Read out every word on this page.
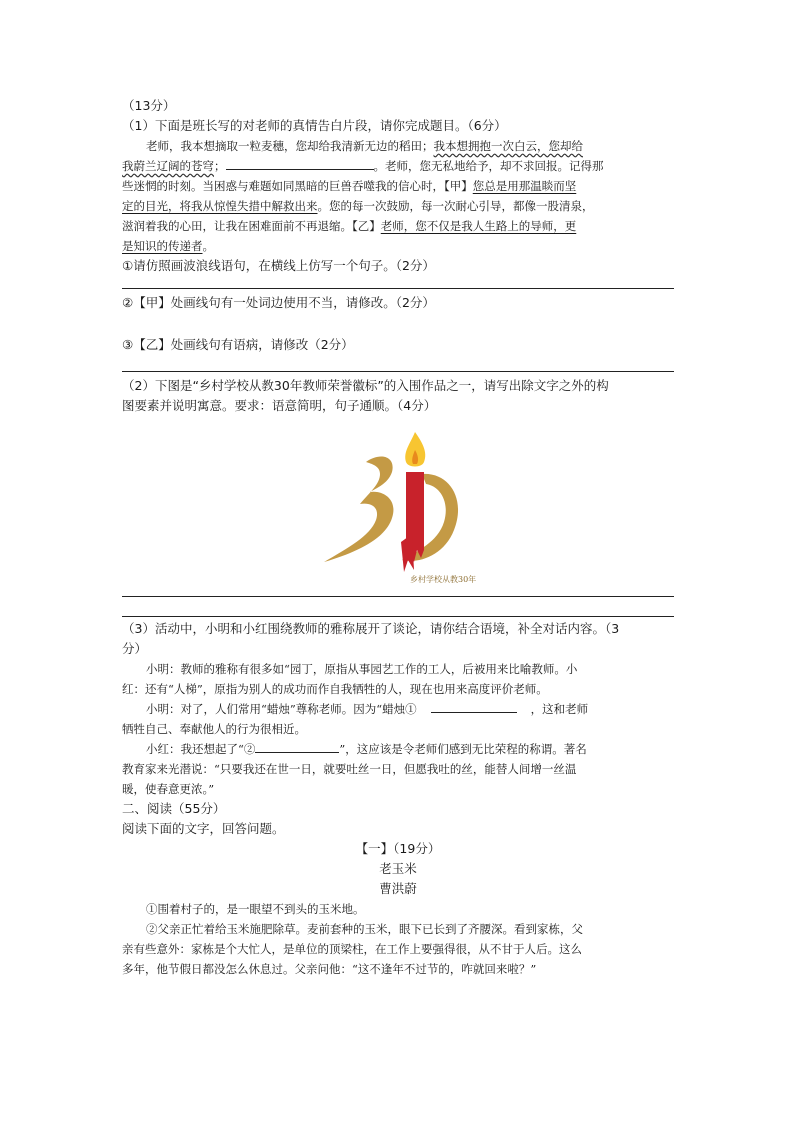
（13分）
（1）下面是班长写的对老师的真情告白片段，请你完成题目。（6分）
老师，我本想摘取一粒麦穗，您却给我清新无边的稻田；我本想拥抱一次白云，您却给
我蔚兰辽阔的苍穹；	。老师，您无私地给予，却不求回报。记得那
些迷惘的时刻。当困惑与难题如同黑暗的巨兽吞噬我的信心时，【甲】您总是用那温睒而坚
定的目光，将我从惊惶失措中解救出来。您的每一次鼓励，每一次耐心引导，都像一股清泉，
滋润着我的心田，让我在困难面前不再退缩。【乙】老师，您不仅是我人生路上的导师，更
是知识的传递者。
①请仿照画波浪线语句，在横线上仿写一个句子。（2分）
②【甲】处画线句有一处词边使用不当，请修改。（2分）
③【乙】处画线句有语病，请修改（2分）
（2）下图是“乡村学校从教30年教师荣誉徽标”的入围作品之一，请写出除文字之外的构
图要素并说明寓意。要求：语意简明，句子通顺。（4分）
乡村学校从教30年
（3）活动中，小明和小红围绕教师的雅称展开了谈论，请你结合语境，补全对话内容。（3
分）
小明：教师的雅称有很多如“园丁，原指从事园艺工作的工人，后被用来比喻教师。小
红：还有“人梯”，原指为别人的成功而作自我牺牲的人，现在也用来高度评价老师。
小明：对了，人们常用“蜡烛”尊称老师。因为“蜡烛①	，这和老师
牺牲自己、奉献他人的行为很相近。
小红：我还想起了“②	”，这应该是令老师们感到无比荣程的称谓。著名
教育家来光潜说：“只要我还在世一日，就要吐丝一日，但愿我吐的丝，能替人间增一丝温
暖，使春意更浓。”
二、阅读（55分）
阅读下面的文字，回答问题。
【一】（19分）
老玉米
曹洪蔚
①围着村子的，是一眼望不到头的玉米地。
②父亲正忙着给玉米施肥除草。麦前套种的玉米，眼下已长到了齐腰深。看到家栋，父
亲有些意外：家栋是个大忙人，是单位的顶梁柱，在工作上要强得很，从不甘于人后。这么
多年，他节假日都没怎么休息过。父亲问他：“这不逢年不过节的，咋就回来啦？”
